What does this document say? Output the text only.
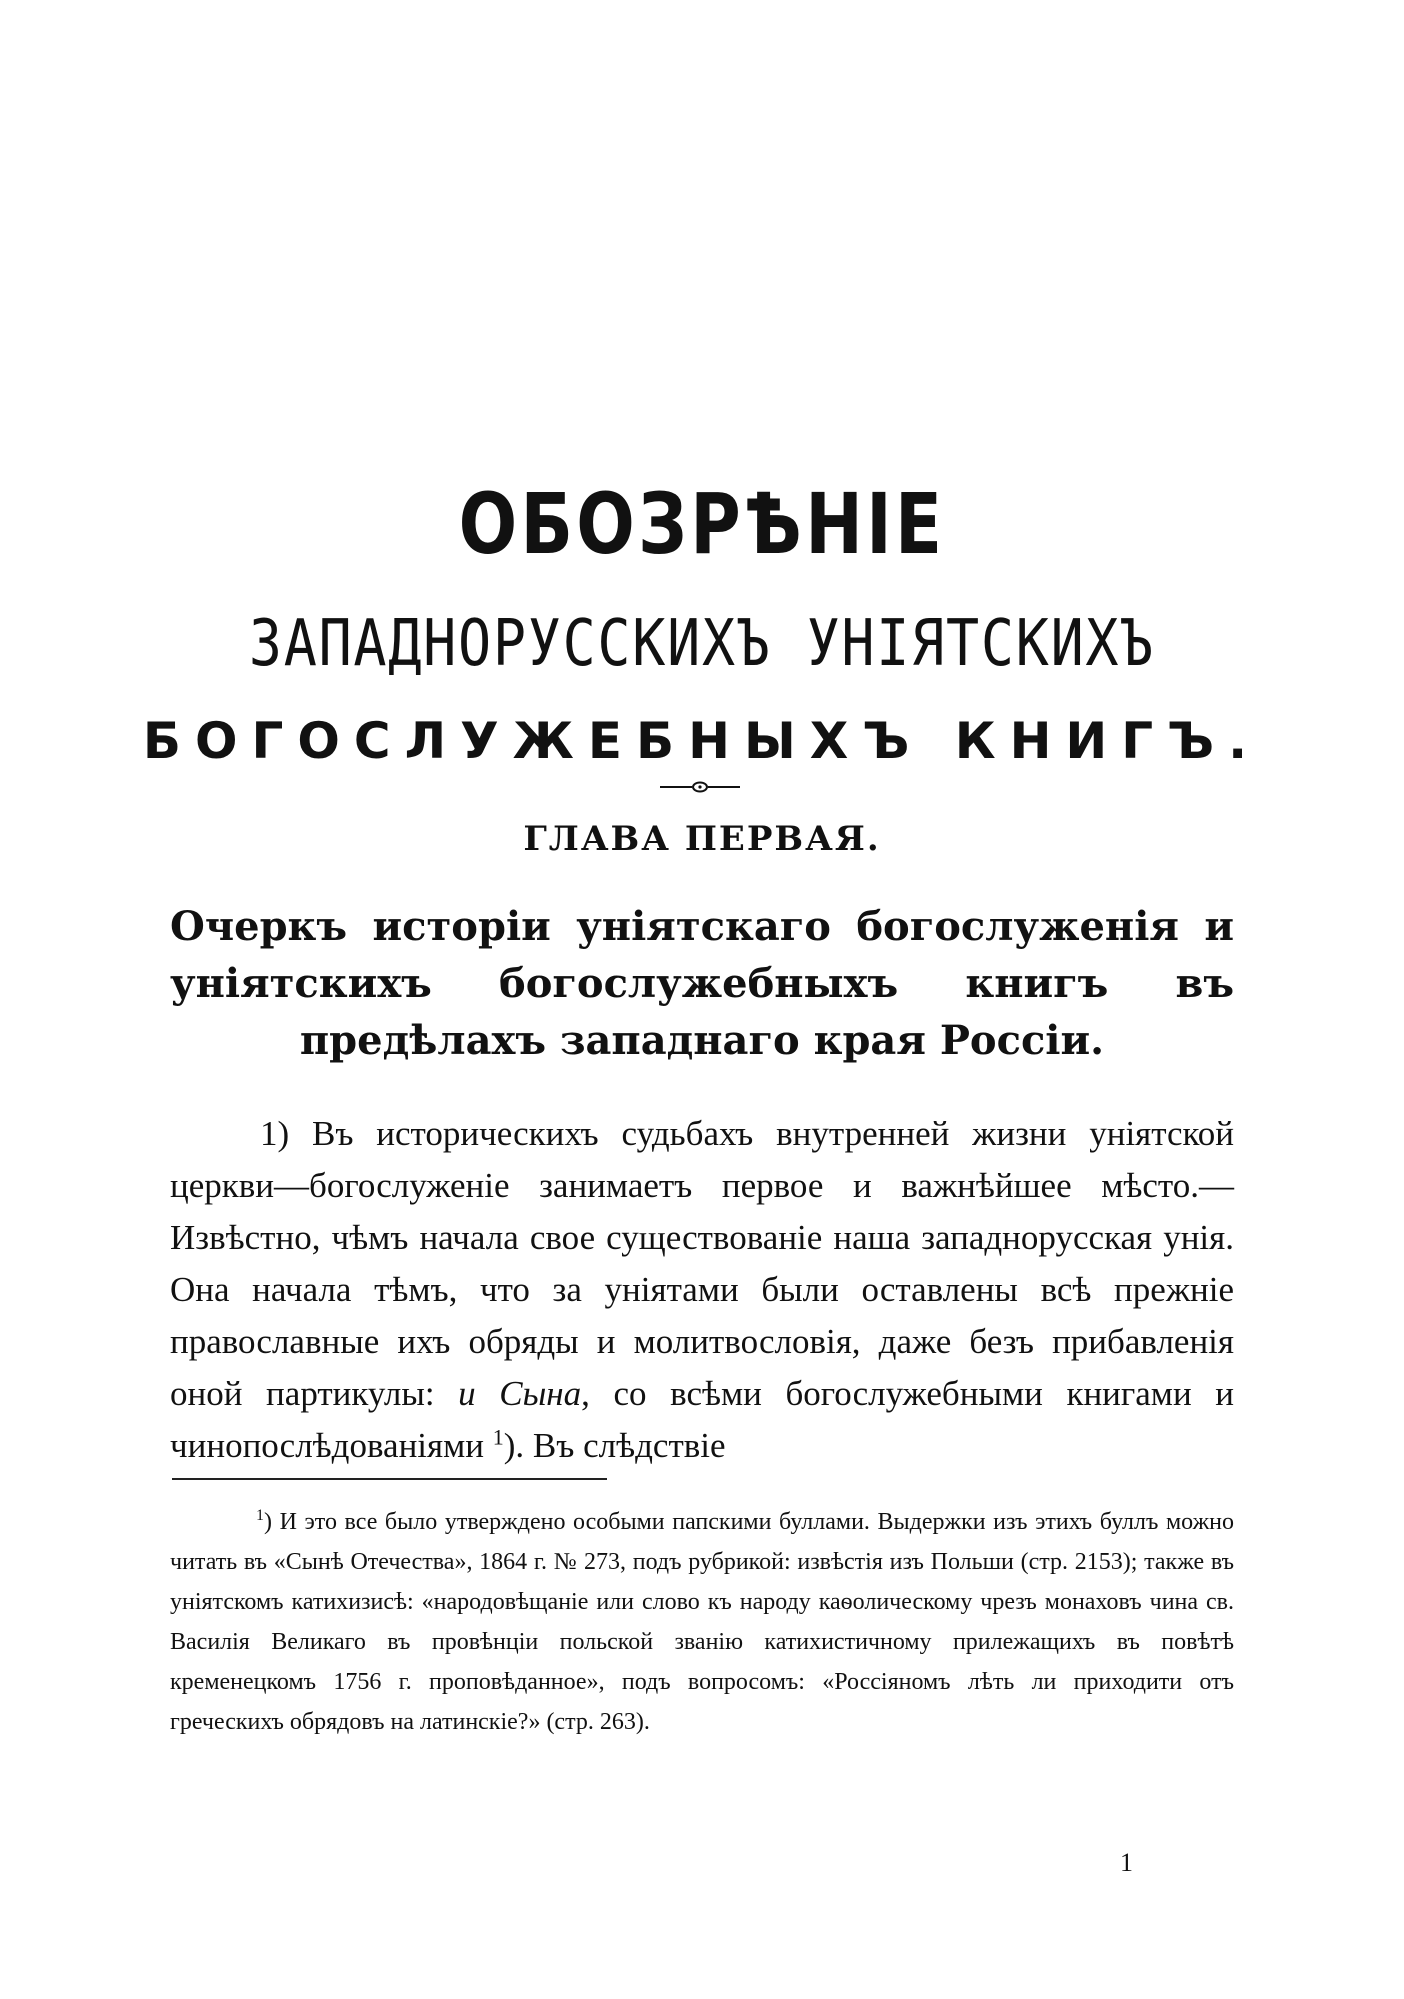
ОБОЗРѢНІЕ
ЗАПАДНОРУССКИХЪ УНІЯТСКИХЪ
БОГОСЛУЖЕБНЫХЪ КНИГЪ.
ГЛАВА ПЕРВАЯ.
Очеркъ исторіи уніятскаго богослуженія и уніятскихъ богослужебныхъ книгъ въ предѣлахъ западнаго края Россіи.

1) Въ историческихъ судьбахъ внутренней жизни уніятской церкви—богослуженіе занимаетъ первое и важнѣйшее мѣсто.—Извѣстно, чѣмъ начала свое существованіе наша западнорусская унія. Она начала тѣмъ, что за уніятами были оставлены всѣ прежніе православные ихъ обряды и молитвословія, даже безъ прибавленія оной партикулы: и Сына, со всѣми богослужебными книгами и чинопослѣдованіями $^1$). Въ слѣдствіе

$^1$) И это все было утверждено особыми папскими буллами. Выдержки изъ этихъ буллъ можно читать въ «Сынѣ Отечества», 1864 г. № 273, подъ рубрикой: извѣстія изъ Польши (стр. 2153); также въ уніятскомъ катихизисѣ: «народовѣщаніе или слово къ народу каѳолическому чрезъ монаховъ чина св. Василія Великаго въ провѣнціи польской званію катихистичному прилежащихъ въ повѣтѣ кременецкомъ 1756 г. проповѣданное», подъ вопросомъ: «Россіяномъ лѣть ли приходити отъ греческихъ обрядовъ на латинскіе?» (стр. 263).

1
